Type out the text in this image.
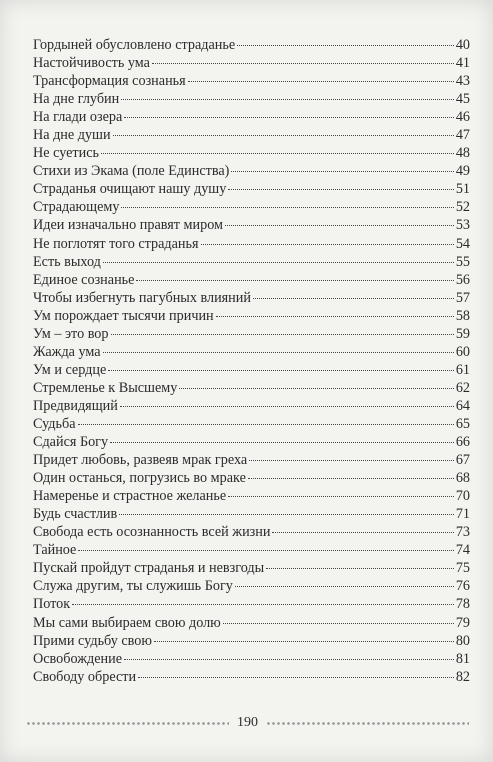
Гордыней обусловлено страданье	40
Настойчивость ума	41
Трансформация сознанья	43
На дне глубин	45
На глади озера	46
На дне души	47
Не суетись	48
Стихи из Экама (поле Единства)	49
Страданья очищают нашу душу	51
Страдающему	52
Идеи изначально правят миром	53
Не поглотят того страданья	54
Есть выход	55
Единое сознанье	56
Чтобы избегнуть пагубных влияний	57
Ум порождает тысячи причин	58
Ум – это вор	59
Жажда ума	60
Ум и сердце	61
Стремленье к Высшему	62
Предвидящий	64
Судьба	65
Сдайся Богу	66
Придет любовь, развеяв мрак греха	67
Один останься, погрузись во мраке	68
Намеренье и страстное желанье	70
Будь счастлив	71
Свобода есть осознанность всей жизни	73
Тайное	74
Пускай пройдут страданья и невзгоды	75
Служа другим, ты служишь Богу	76
Поток	78
Мы сами выбираем свою долю	79
Прими судьбу свою	80
Освобождение	81
Свободу обрести	82
190
